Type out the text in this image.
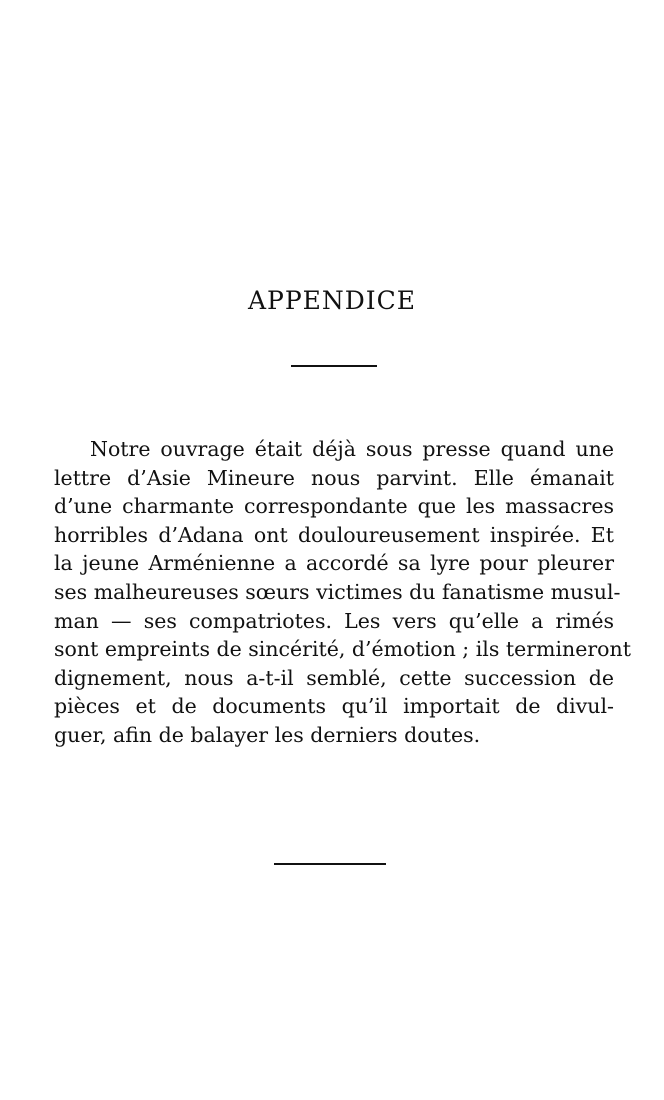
APPENDICE
Notre ouvrage était déjà sous presse quand une
lettre d’Asie Mineure nous parvint. Elle émanait
d’une charmante correspondante que les massacres
horribles d’Adana ont douloureusement inspirée. Et
la jeune Arménienne a accordé sa lyre pour pleurer
ses malheureuses sœurs victimes du fanatisme musul-
man — ses compatriotes. Les vers qu’elle a rimés
sont empreints de sincérité, d’émotion ; ils termineront
dignement, nous a-t-il semblé, cette succession de
pièces et de documents qu’il importait de divul-
guer, afin de balayer les derniers doutes.
